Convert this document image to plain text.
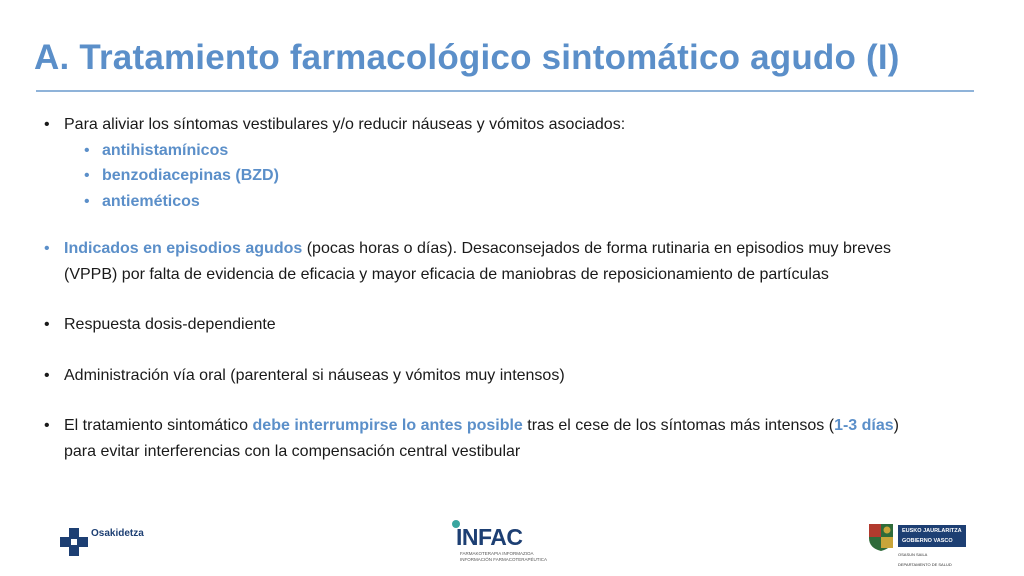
A. Tratamiento farmacológico sintomático agudo (I)
• Para aliviar los síntomas vestibulares y/o reducir náuseas y vómitos asociados:
• antihistamínicos
• benzodiacepinas (BZD)
• antieméticos
• Indicados en episodios agudos (pocas horas o días). Desaconsejados de forma rutinaria en episodios muy breves
(VPPB) por falta de evidencia de eficacia y mayor eficacia de maniobras de reposicionamiento de partículas
• Respuesta dosis-dependiente
• Administración vía oral (parenteral si náuseas y vómitos muy intensos)
• El tratamiento sintomático debe interrumpirse lo antes posible tras el cese de los síntomas más intensos (1-3 días)
para evitar interferencias con la compensación central vestibular
Osakidetza	INFAC
FARMAKOTERAPIA INFORMAZIOA
INFORMACIÓN FARMACOTERAPÉUTICA
EUSKO JAURLARITZA
GOBIERNO VASCO
OSASUN SAILA
DEPARTAMENTO DE SALUD
